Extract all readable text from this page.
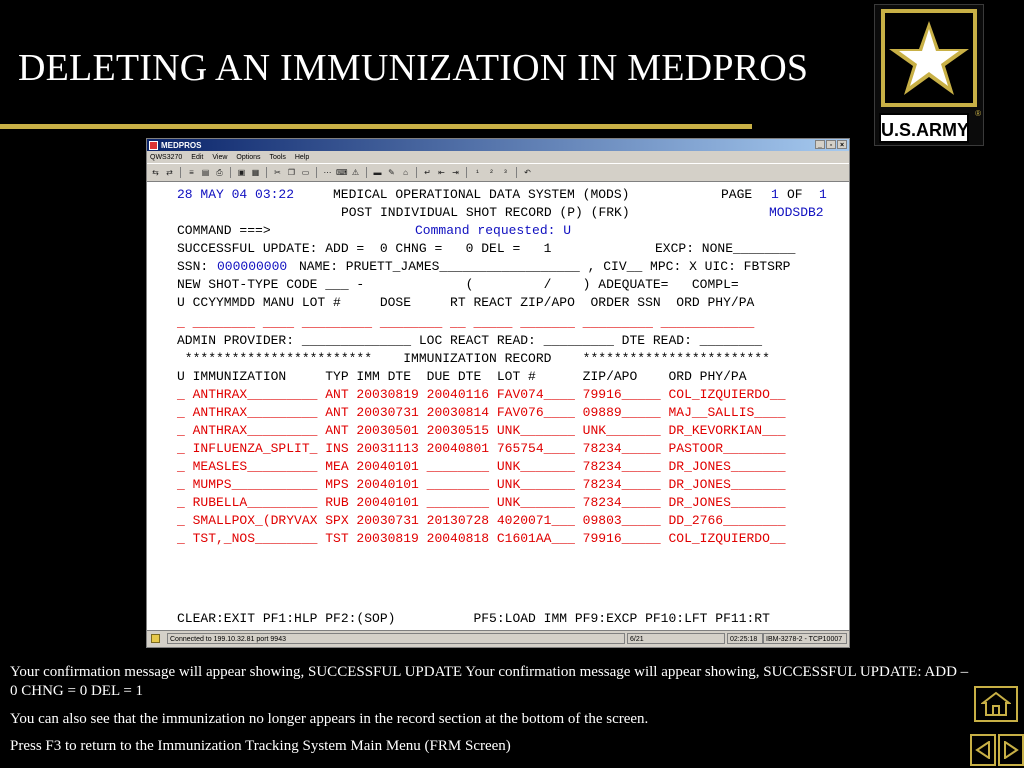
DELETING AN IMMUNIZATION IN MEDPROS
®
U.S.ARMY
MEDPROS	_	▫	×
QWS3270 Edit View Options Tools Help
⇆ ⇄	≡ ▤ ⎙ ▣ ▦ ✂ ❐ ▭ ⋯ ⌨ ⚠ ▬ ✎	⌂	↵ ⇤ ⇥	¹	²	³	↶
28 MAY 04 03:22	MEDICAL OPERATIONAL DATA SYSTEM (MODS)	PAGE 1 OF 1
POST INDIVIDUAL SHOT RECORD (P) (FRK)	MODSDB2
COMMAND ===>	Command requested: U
SUCCESSFUL UPDATE: ADD =  0 CHNG =   0 DEL =   1	EXCP: NONE________
SSN: 000000000 NAME: PRUETT_JAMES__________________ , CIV__ MPC: X UIC: FBTSRP
NEW SHOT-TYPE CODE ___ -             (         /    ) ADEQUATE=   COMPL=
U CCYYMMDD MANU LOT #     DOSE     RT REACT ZIP/APO  ORDER SSN  ORD PHY/PA
_ ________ ____ _________ ________ __ _____ _______ _________ ____________
ADMIN PROVIDER: ______________ LOC REACT READ: _________ DTE READ: ________
************************    IMMUNIZATION RECORD    ************************
U IMMUNIZATION     TYP IMM DTE  DUE DTE  LOT #      ZIP/APO    ORD PHY/PA
_ ANTHRAX_________ ANT 20030819 20040116 FAV074____ 79916_____ COL_IZQUIERDO__
_ ANTHRAX_________ ANT 20030731 20030814 FAV076____ 09889_____ MAJ__SALLIS____
_ ANTHRAX_________ ANT 20030501 20030515 UNK_______ UNK_______ DR_KEVORKIAN___
_ INFLUENZA_SPLIT_ INS 20031113 20040801 765754____ 78234_____ PASTOOR________
_ MEASLES_________ MEA 20040101 ________ UNK_______ 78234_____ DR_JONES_______
_ MUMPS___________ MPS 20040101 ________ UNK_______ 78234_____ DR_JONES_______
_ RUBELLA_________ RUB 20040101 ________ UNK_______ 78234_____ DR_JONES_______
_ SMALLPOX_(DRYVAX SPX 20030731 20130728 4020071___ 09803_____ DD_2766________
_ TST,_NOS________ TST 20030819 20040818 C1601AA___ 79916_____ COL_IZQUIERDO__
CLEAR:EXIT PF1:HLP PF2:(SOP)          PF5:LOAD IMM PF9:EXCP PF10:LFT PF11:RT
Connected to 199.10.32.81 port 9943	6/21	02:25:18	IBM-3278-2 - TCP10007
Your confirmation message will appear showing, SUCCESSFUL UPDATE Your confirmation message will appear showing, SUCCESSFUL UPDATE: ADD – 0 CHNG = 0 DEL = 1
You can also see that the immunization no longer appears in the record section at the bottom of the screen.
Press F3 to return to the Immunization Tracking System Main Menu (FRM Screen)
